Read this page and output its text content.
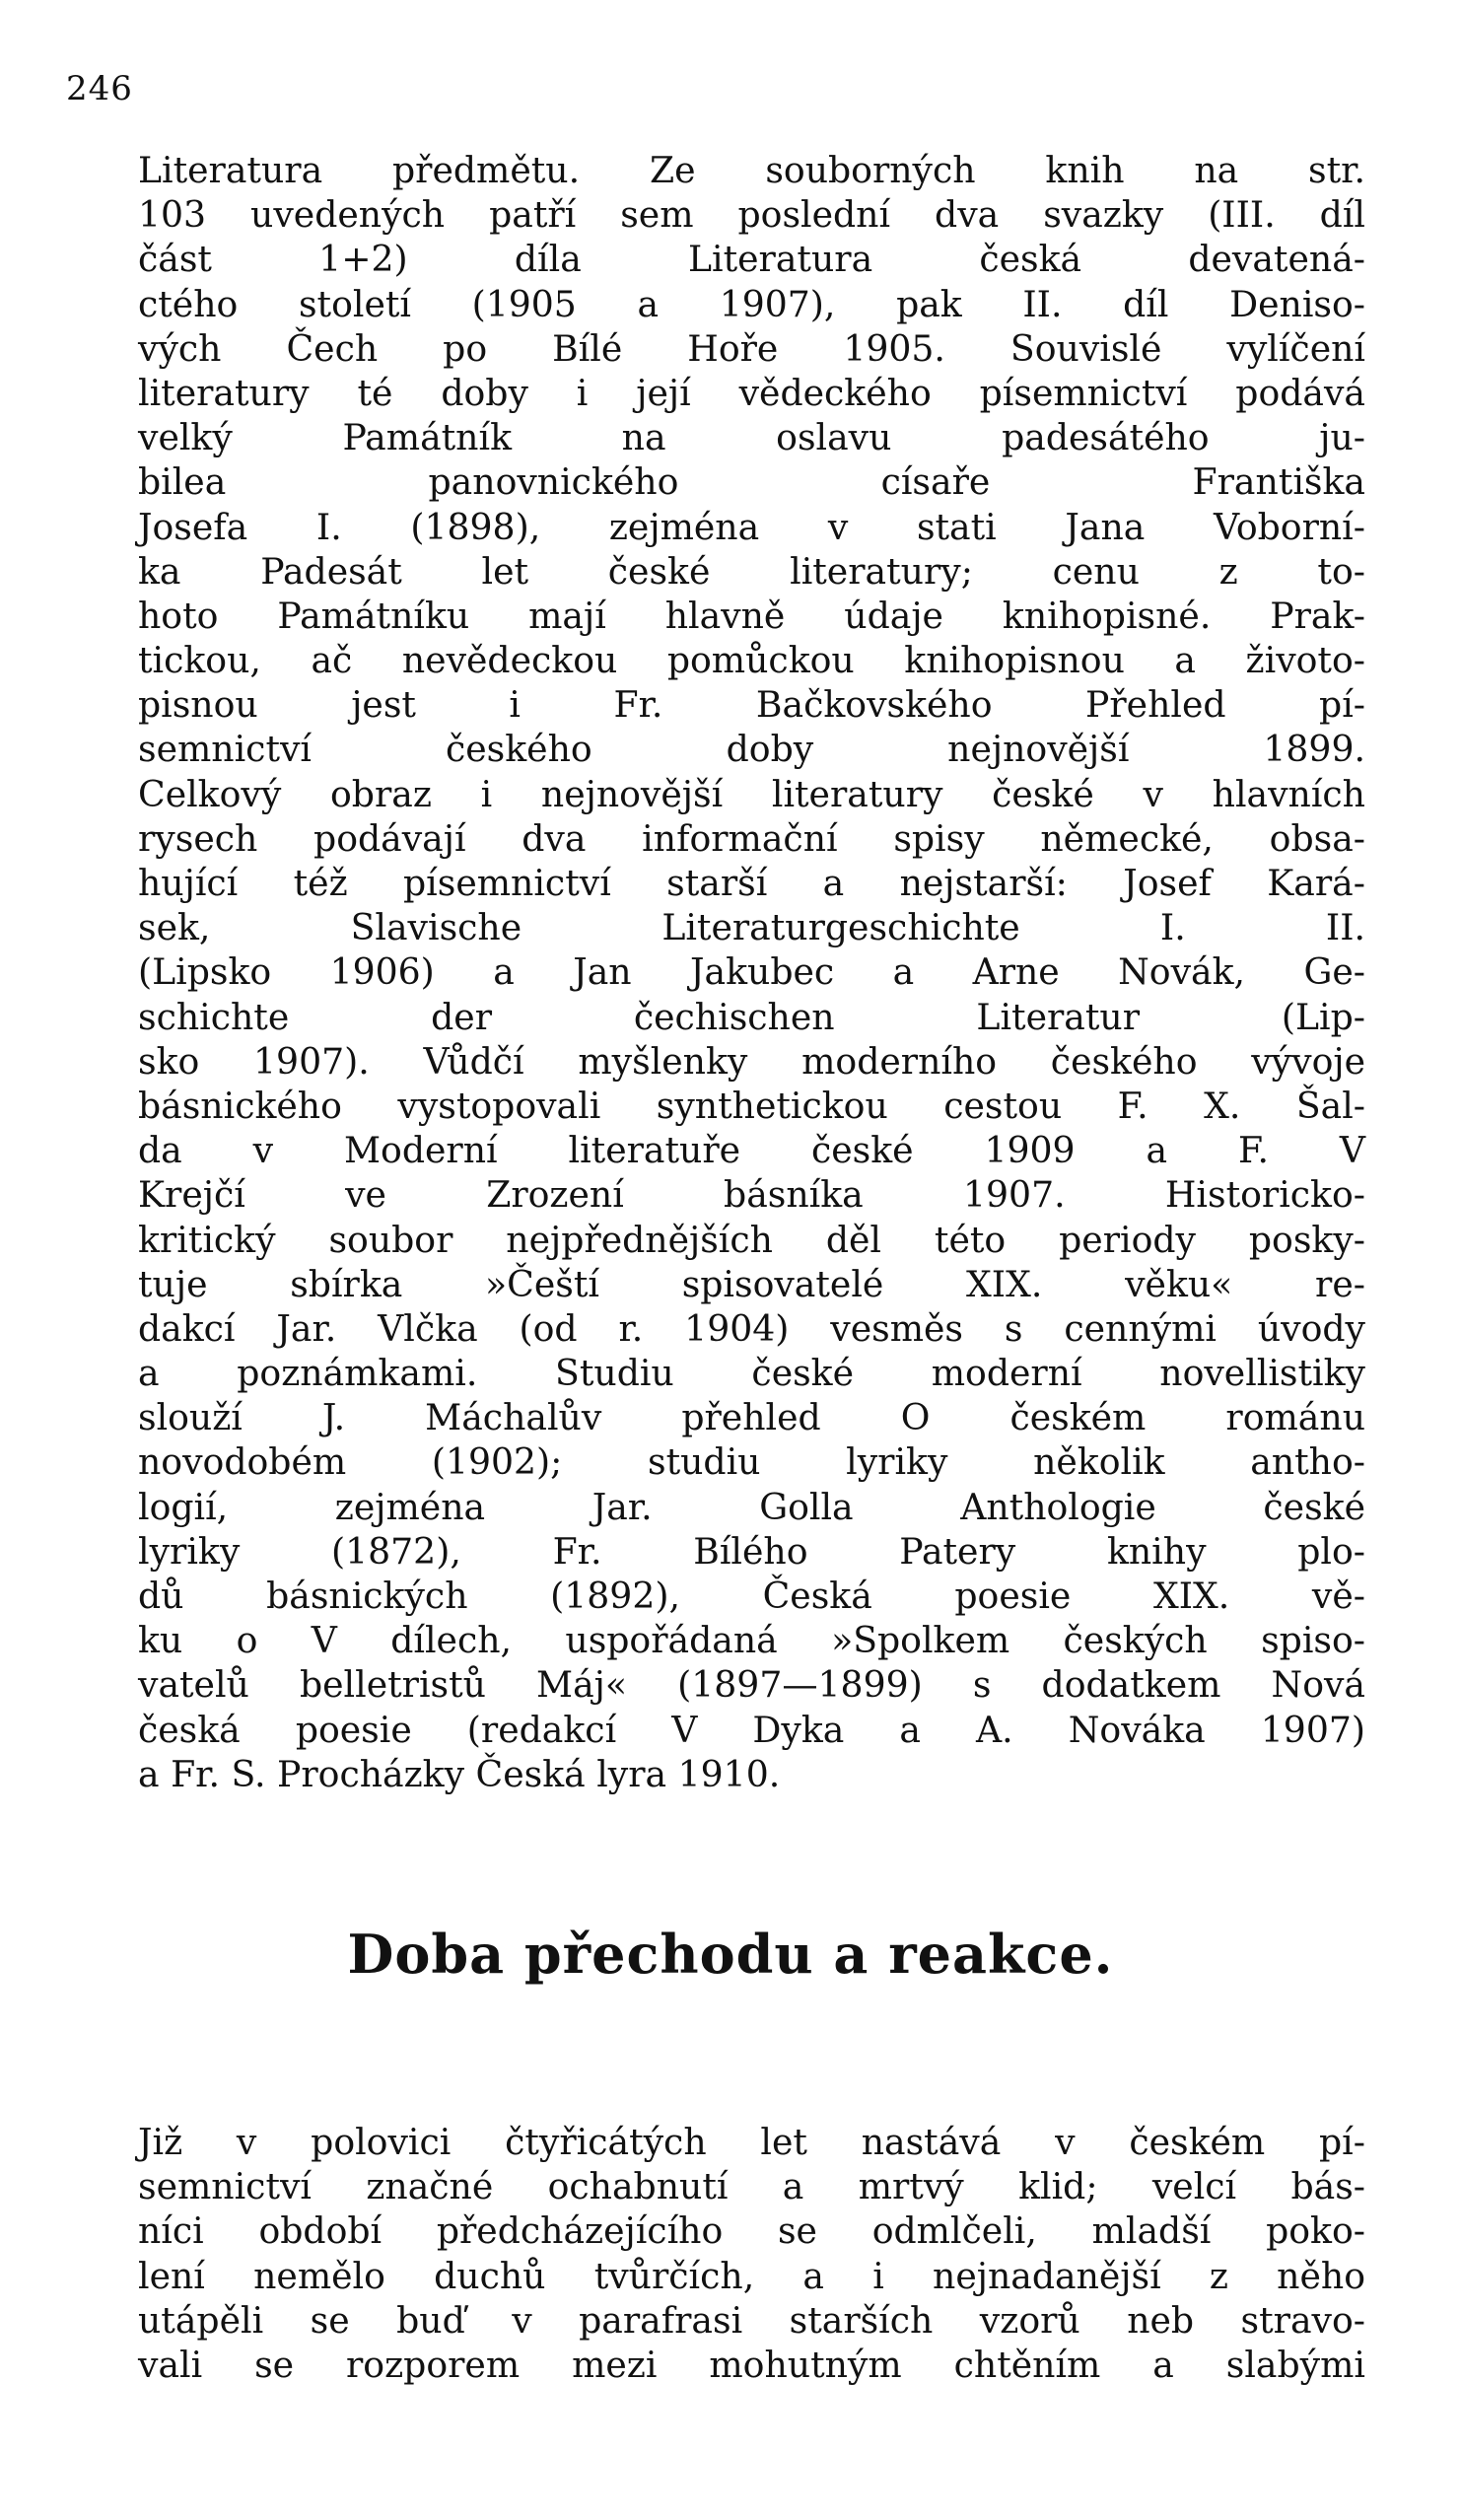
246
Literatura předmětu. Ze souborných knih na str.
103 uvedených patří sem poslední dva svazky (III. díl
část 1+2) díla Literatura česká devatená-
ctého století (1905 a 1907), pak II. díl Deniso-
vých Čech po Bílé Hoře 1905. Souvislé vylíčení
literatury té doby i její vědeckého písemnictví podává
velký Památník na oslavu padesátého ju-
bilea panovnického císaře Františka
Josefa I. (1898), zejména v stati Jana Voborní-
ka Padesát let české literatury; cenu z to-
hoto Památníku mají hlavně údaje knihopisné. Prak-
tickou, ač nevědeckou pomůckou knihopisnou a životo-
pisnou jest i Fr. Bačkovského Přehled pí-
semnictví českého doby nejnovější 1899.
Celkový obraz i nejnovější literatury české v hlavních
rysech podávají dva informační spisy německé, obsa-
hující též písemnictví starší a nejstarší: Josef Kará-
sek, Slavische Literaturgeschichte I. II.
(Lipsko 1906) a Jan Jakubec a Arne Novák, Ge-
schichte der čechischen Literatur (Lip-
sko 1907). Vůdčí myšlenky moderního českého vývoje
básnického vystopovali synthetickou cestou F. X. Šal-
da v Moderní literatuře české 1909 a F. V
Krejčí ve Zrození básníka 1907. Historicko-
kritický soubor nejpřednějších děl této periody posky-
tuje sbírka »Čeští spisovatelé XIX. věku« re-
dakcí Jar. Vlčka (od r. 1904) vesměs s cennými úvody
a poznámkami. Studiu české moderní novellistiky
slouží J. Máchalův přehled O českém románu
novodobém (1902); studiu lyriky několik antho-
logií, zejména Jar. Golla Anthologie české
lyriky (1872), Fr. Bílého Patery knihy plo-
dů básnických (1892), Česká poesie XIX. vě-
ku o V dílech, uspořádaná »Spolkem českých spiso-
vatelů belletristů Máj« (1897—1899) s dodatkem Nová
česká poesie (redakcí V Dyka a A. Nováka 1907)
a Fr. S. Procházky Česká lyra 1910.
Doba přechodu a reakce.
Již v polovici čtyřicátých let nastává v českém pí-
semnictví značné ochabnutí a mrtvý klid; velcí bás-
níci období předcházejícího se odmlčeli, mladší poko-
lení nemělo duchů tvůrčích, a i nejnadanější z něho
utápěli se buď v parafrasi starších vzorů neb stravo-
vali se rozporem mezi mohutným chtěním a slabými
